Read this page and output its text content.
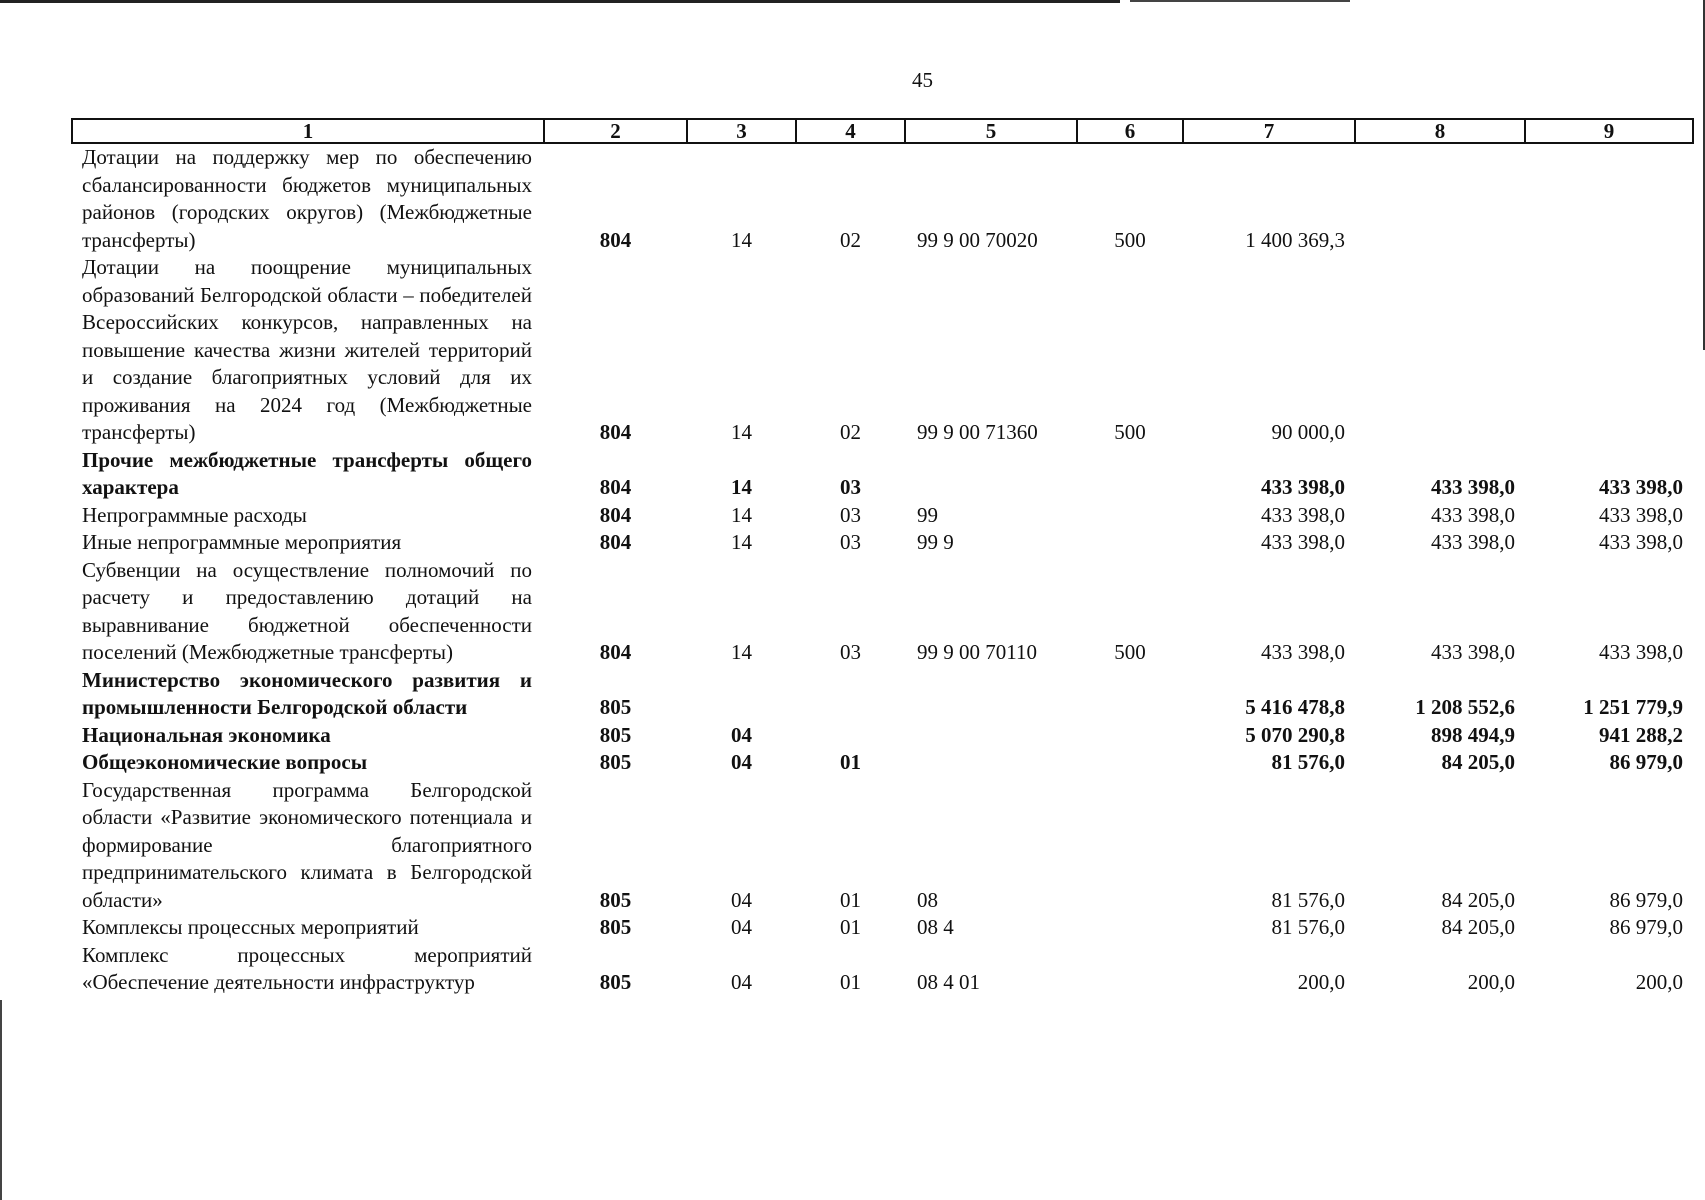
45
1	2	3	4	5	6	7	8	9
Дотации на поддержку мер по обеспечению сбалансированности бюджетов муниципальных районов (городских округов) (Межбюджетные трансферты)	804	14	02	99 9 00 70020	500	1 400 369,3		
Дотации на поощрение муниципальных образований Белгородской области – победителей Всероссийских конкурсов, направленных на повышение качества жизни жителей территорий и создание благоприятных условий для их проживания на 2024 год (Межбюджетные трансферты)	804	14	02	99 9 00 71360	500	90 000,0		
Прочие межбюджетные трансферты общего характера	804	14	03			433 398,0	433 398,0	433 398,0
Непрограммные расходы	804	14	03	99		433 398,0	433 398,0	433 398,0
Иные непрограммные мероприятия	804	14	03	99 9		433 398,0	433 398,0	433 398,0
Субвенции на осуществление полномочий по расчету и предоставлению дотаций на выравнивание бюджетной обеспеченности поселений (Межбюджетные трансферты)	804	14	03	99 9 00 70110	500	433 398,0	433 398,0	433 398,0
Министерство экономического развития и промышленности Белгородской области	805					5 416 478,8	1 208 552,6	1 251 779,9
Национальная экономика	805	04				5 070 290,8	898 494,9	941 288,2
Общеэкономические вопросы	805	04	01			81 576,0	84 205,0	86 979,0
Государственная программа Белгородской области «Развитие экономического потенциала и формирование благоприятного предпринимательского климата в Белгородской области»	805	04	01	08		81 576,0	84 205,0	86 979,0
Комплексы процессных мероприятий	805	04	01	08 4		81 576,0	84 205,0	86 979,0
Комплекс процессных мероприятий «Обеспечение деятельности инфраструктур	805	04	01	08 4 01		200,0	200,0	200,0
